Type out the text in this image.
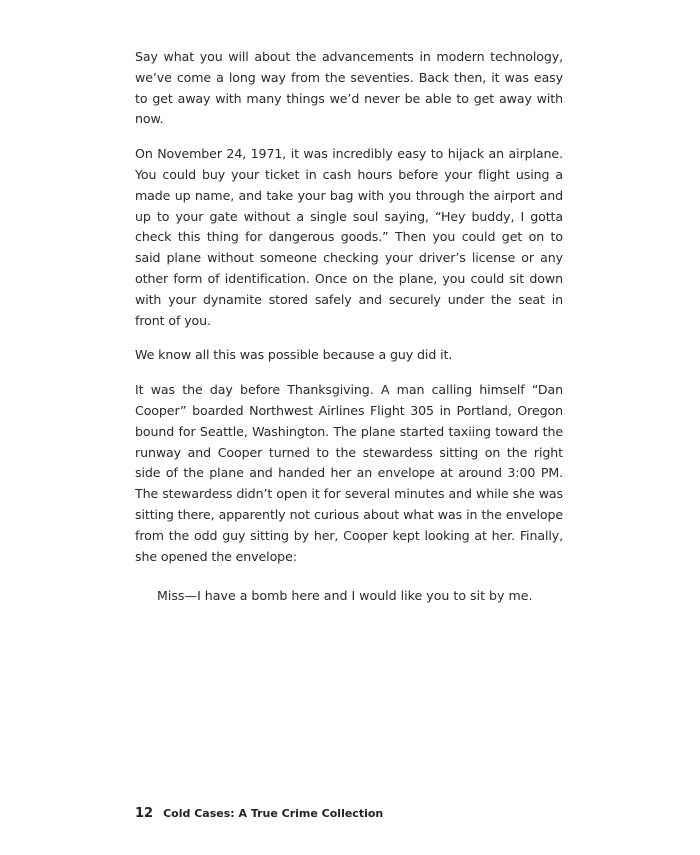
Say what you will about the advancements in modern technology, we’ve come a long way from the seventies. Back then, it was easy to get away with many things we’d never be able to get away with now.

On November 24, 1971, it was incredibly easy to hijack an airplane. You could buy your ticket in cash hours before your flight using a made up name, and take your bag with you through the airport and up to your gate without a single soul saying, “Hey buddy, I gotta check this thing for dangerous goods.” Then you could get on to said plane without someone checking your driver’s license or any other form of identification. Once on the plane, you could sit down with your dynamite stored safely and securely under the seat in front of you.

We know all this was possible because a guy did it.

It was the day before Thanksgiving. A man calling himself “Dan Cooper” boarded Northwest Airlines Flight 305 in Portland, Oregon bound for Seattle, Washington. The plane started taxiing toward the runway and Cooper turned to the stewardess sitting on the right side of the plane and handed her an envelope at around 3:00 PM. The stewardess didn’t open it for several minutes and while she was sitting there, apparently not curious about what was in the envelope from the odd guy sitting by her, Cooper kept looking at her. Finally, she opened the envelope:

Miss—I have a bomb here and I would like you to sit by me.

12 Cold Cases: A True Crime Collection
